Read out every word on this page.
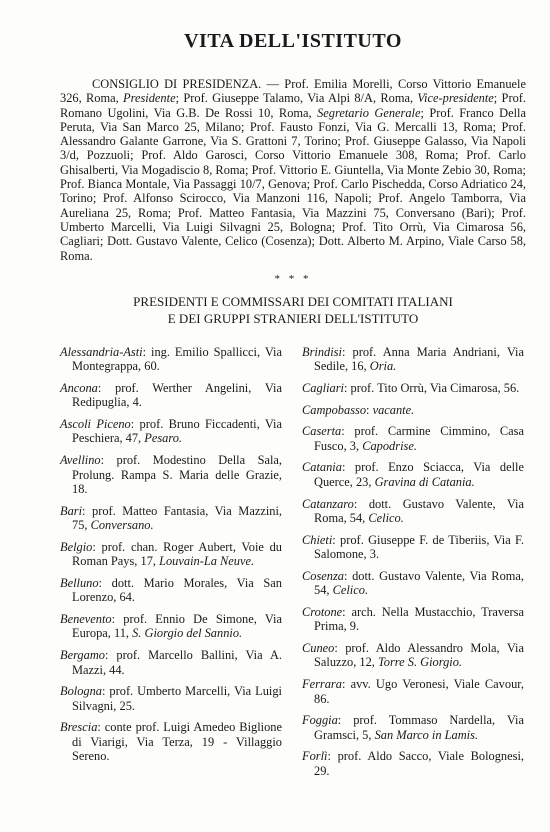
VITA DELL'ISTITUTO

CONSIGLIO DI PRESIDENZA. — Prof. Emilia Morelli, Corso Vittorio Emanuele 326, Roma, Presidente; Prof. Giuseppe Talamo, Via Alpi 8/A, Roma, Vice-presidente; Prof. Romano Ugolini, Via G.B. De Rossi 10, Roma, Segretario Generale; Prof. Franco Della Peruta, Via San Marco 25, Milano; Prof. Fausto Fonzi, Via G. Mercalli 13, Roma; Prof. Alessandro Galante Garrone, Via S. Grattoni 7, Torino; Prof. Giuseppe Galasso, Via Napoli 3/d, Pozzuoli; Prof. Aldo Garosci, Corso Vittorio Emanuele 308, Roma; Prof. Carlo Ghisalberti, Via Mogadiscio 8, Roma; Prof. Vittorio E. Giuntella, Via Monte Zebio 30, Roma; Prof. Bianca Montale, Via Passaggi 10/7, Genova; Prof. Carlo Pischedda, Corso Adriatico 24, Torino; Prof. Alfonso Scirocco, Via Manzoni 116, Napoli; Prof. Angelo Tamborra, Via Aureliana 25, Roma; Prof. Matteo Fantasia, Via Mazzini 75, Conversano (Bari); Prof. Umberto Marcelli, Via Luigi Silvagni 25, Bologna; Prof. Tito Orrù, Via Cimarosa 56, Cagliari; Dott. Gustavo Valente, Celico (Cosenza); Dott. Alberto M. Arpino, Viale Carso 58, Roma.

* * *
PRESIDENTI E COMMISSARI DEI COMITATI ITALIANI
E DEI GRUPPI STRANIERI DELL'ISTITUTO

Alessandria-Asti: ing. Emilio Spallicci, Via Montegrappa, 60.

Ancona: prof. Werther Angelini, Via Redipuglia, 4.

Ascoli Piceno: prof. Bruno Ficcadenti, Via Peschiera, 47, Pesaro.

Avellino: prof. Modestino Della Sala, Prolung. Rampa S. Maria delle Grazie, 18.

Bari: prof. Matteo Fantasia, Via Mazzini, 75, Conversano.

Belgio: prof. chan. Roger Aubert, Voie du Roman Pays, 17, Louvain-La Neuve.

Belluno: dott. Mario Morales, Via San Lorenzo, 64.

Benevento: prof. Ennio De Simone, Via Europa, 11, S. Giorgio del Sannio.

Bergamo: prof. Marcello Ballini, Via A. Mazzi, 44.

Bologna: prof. Umberto Marcelli, Via Luigi Silvagni, 25.

Brescia: conte prof. Luigi Amedeo Biglione di Viarigi, Via Terza, 19 - Villaggio Sereno.

Brindisi: prof. Anna Maria Andriani, Via Sedile, 16, Oria.

Cagliari: prof. Tito Orrù, Via Cimarosa, 56.

Campobasso: vacante.

Caserta: prof. Carmine Cimmino, Casa Fusco, 3, Capodrise.

Catania: prof. Enzo Sciacca, Via delle Querce, 23, Gravina di Catania.

Catanzaro: dott. Gustavo Valente, Via Roma, 54, Celico.

Chieti: prof. Giuseppe F. de Tiberiis, Via F. Salomone, 3.

Cosenza: dott. Gustavo Valente, Via Roma, 54, Celico.

Crotone: arch. Nella Mustacchio, Traversa Prima, 9.

Cuneo: prof. Aldo Alessandro Mola, Via Saluzzo, 12, Torre S. Giorgio.

Ferrara: avv. Ugo Veronesi, Viale Cavour, 86.

Foggia: prof. Tommaso Nardella, Via Gramsci, 5, San Marco in Lamis.

Forlì: prof. Aldo Sacco, Viale Bolognesi, 29.
